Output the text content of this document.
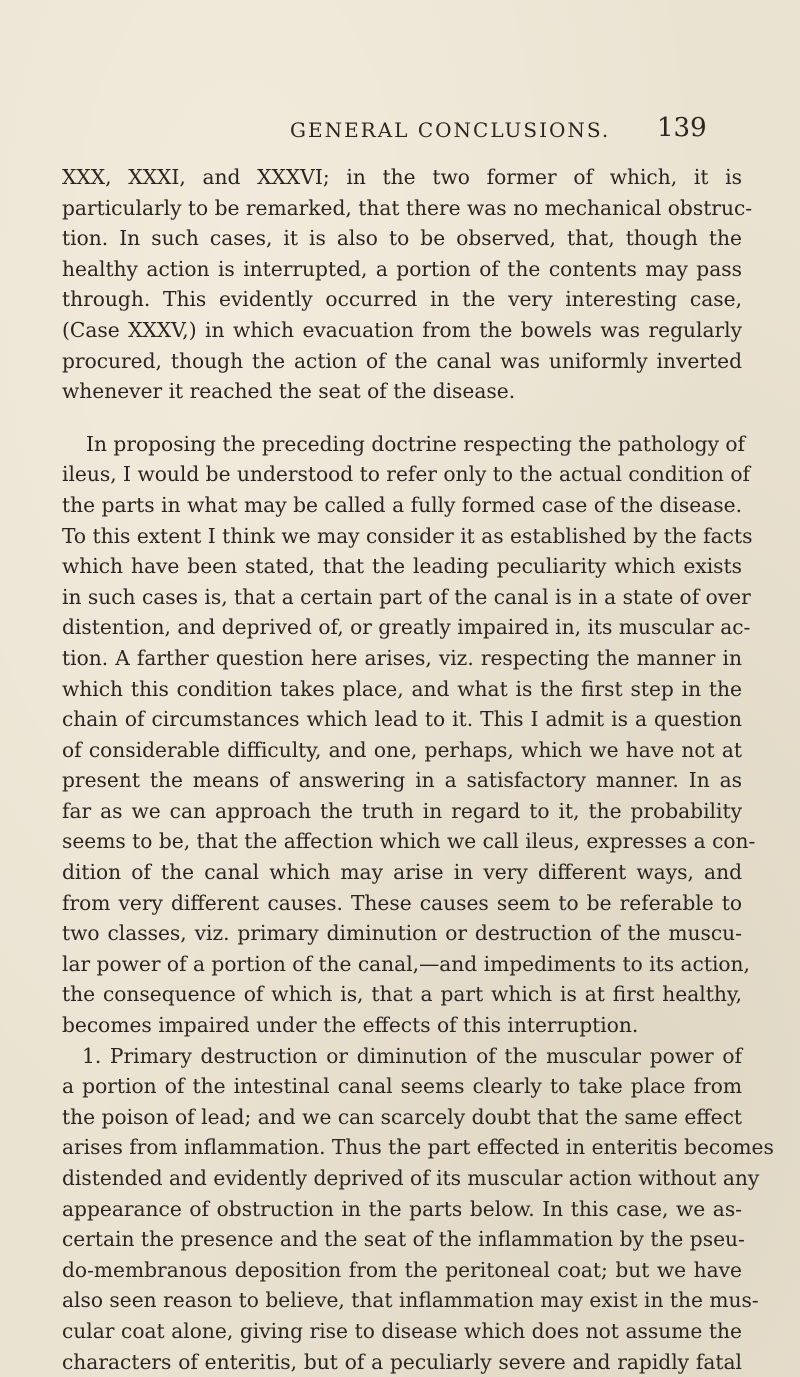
GENERAL CONCLUSIONS. 139
XXX, XXXI, and XXXVI; in the two former of which, it is
particularly to be remarked, that there was no mechanical obstruc-
tion. In such cases, it is also to be observed, that, though the
healthy action is interrupted, a portion of the contents may pass
through. This evidently occurred in the very interesting case,
(Case XXXV,) in which evacuation from the bowels was regularly
procured, though the action of the canal was uniformly inverted
whenever it reached the seat of the disease.
In proposing the preceding doctrine respecting the pathology of
ileus, I would be understood to refer only to the actual condition of
the parts in what may be called a fully formed case of the disease.
To this extent I think we may consider it as established by the facts
which have been stated, that the leading peculiarity which exists
in such cases is, that a certain part of the canal is in a state of over
distention, and deprived of, or greatly impaired in, its muscular ac-
tion. A farther question here arises, viz. respecting the manner in
which this condition takes place, and what is the first step in the
chain of circumstances which lead to it. This I admit is a question
of considerable difficulty, and one, perhaps, which we have not at
present the means of answering in a satisfactory manner. In as
far as we can approach the truth in regard to it, the probability
seems to be, that the affection which we call ileus, expresses a con-
dition of the canal which may arise in very different ways, and
from very different causes. These causes seem to be referable to
two classes, viz. primary diminution or destruction of the muscu-
lar power of a portion of the canal,—and impediments to its action,
the consequence of which is, that a part which is at first healthy,
becomes impaired under the effects of this interruption.
1. Primary destruction or diminution of the muscular power of
a portion of the intestinal canal seems clearly to take place from
the poison of lead; and we can scarcely doubt that the same effect
arises from inflammation. Thus the part effected in enteritis becomes
distended and evidently deprived of its muscular action without any
appearance of obstruction in the parts below. In this case, we as-
certain the presence and the seat of the inflammation by the pseu-
do-membranous deposition from the peritoneal coat; but we have
also seen reason to believe, that inflammation may exist in the mus-
cular coat alone, giving rise to disease which does not assume the
characters of enteritis, but of a peculiarly severe and rapidly fatal
